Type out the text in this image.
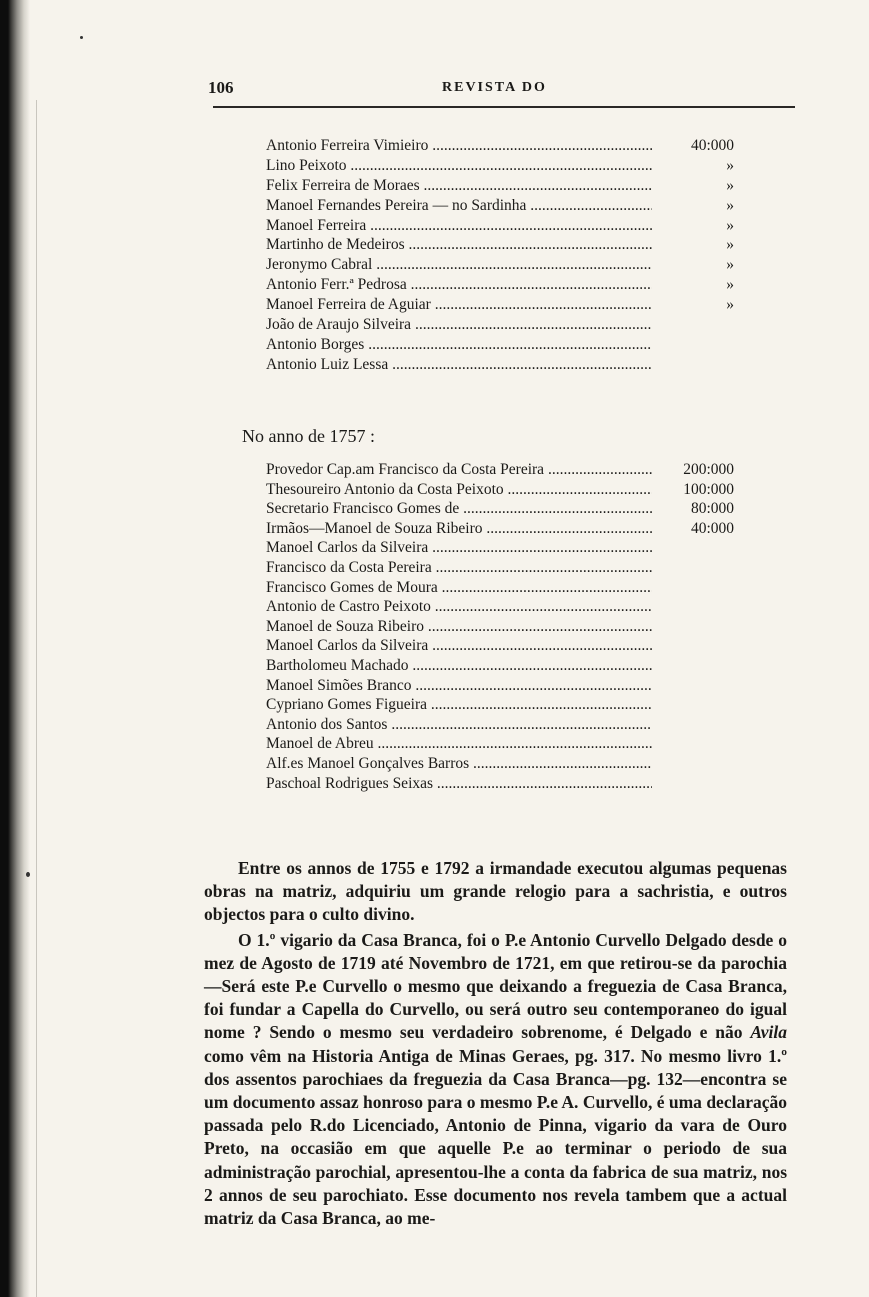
106	REVISTA DO
Antonio Ferreira Vimieiro .....	40:000
Lino Peixoto .....	»
Felix Ferreira de Moraes .....	»
Manoel Fernandes Pereira — no Sardinha .....	»
Manoel Ferreira .....	»
Martinho de Medeiros .....	»
Jeronymo Cabral .....	»
Antonio Ferr.ª Pedrosa .....	»
Manoel Ferreira de Aguiar .....	»
João de Araujo Silveira .....
Antonio Borges .....
Antonio Luiz Lessa .....
No anno de 1757 :
Provedor Cap.am Francisco da Costa Pereira .....	200:000
Thesoureiro Antonio da Costa Peixoto .....	100:000
Secretario Francisco Gomes de .....	80:000
Irmãos—Manoel de Souza Ribeiro .....	40:000
Manoel Carlos da Silveira .....
Francisco da Costa Pereira .....
Francisco Gomes de Moura .....
Antonio de Castro Peixoto .....
Manoel de Souza Ribeiro .....
Manoel Carlos da Silveira .....
Bartholomeu Machado .....
Manoel Simões Branco .....
Cypriano Gomes Figueira .....
Antonio dos Santos .....
Manoel de Abreu .....
Alf.es Manoel Gonçalves Barros .....
Paschoal Rodrigues Seixas .....

Entre os annos de 1755 e 1792 a irmandade executou algumas pequenas obras na matriz, adquiriu um grande relogio para a sachristia, e outros objectos para o culto divino.

O 1.º vigario da Casa Branca, foi o P.e Antonio Curvello Delgado desde o mez de Agosto de 1719 até Novembro de 1721, em que retirou-se da parochia—Será este P.e Curvello o mesmo que deixando a freguezia de Casa Branca, foi fundar a Capella do Curvello, ou será outro seu contemporaneo do igual nome ? Sendo o mesmo seu verdadeiro sobrenome, é Delgado e não Avila como vêm na Historia Antiga de Minas Geraes, pg. 317. No mesmo livro 1.º dos assentos parochiaes da freguezia da Casa Branca—pg. 132—encontra se um documento assaz honroso para o mesmo P.e A. Curvello, é uma declaração passada pelo R.do Licenciado, Antonio de Pinna, vigario da vara de Ouro Preto, na occasião em que aquelle P.e ao terminar o periodo de sua administração parochial, apresentou-lhe a conta da fabrica de sua matriz, nos 2 annos de seu parochiato. Esse documento nos revela tambem que a actual matriz da Casa Branca, ao me-
